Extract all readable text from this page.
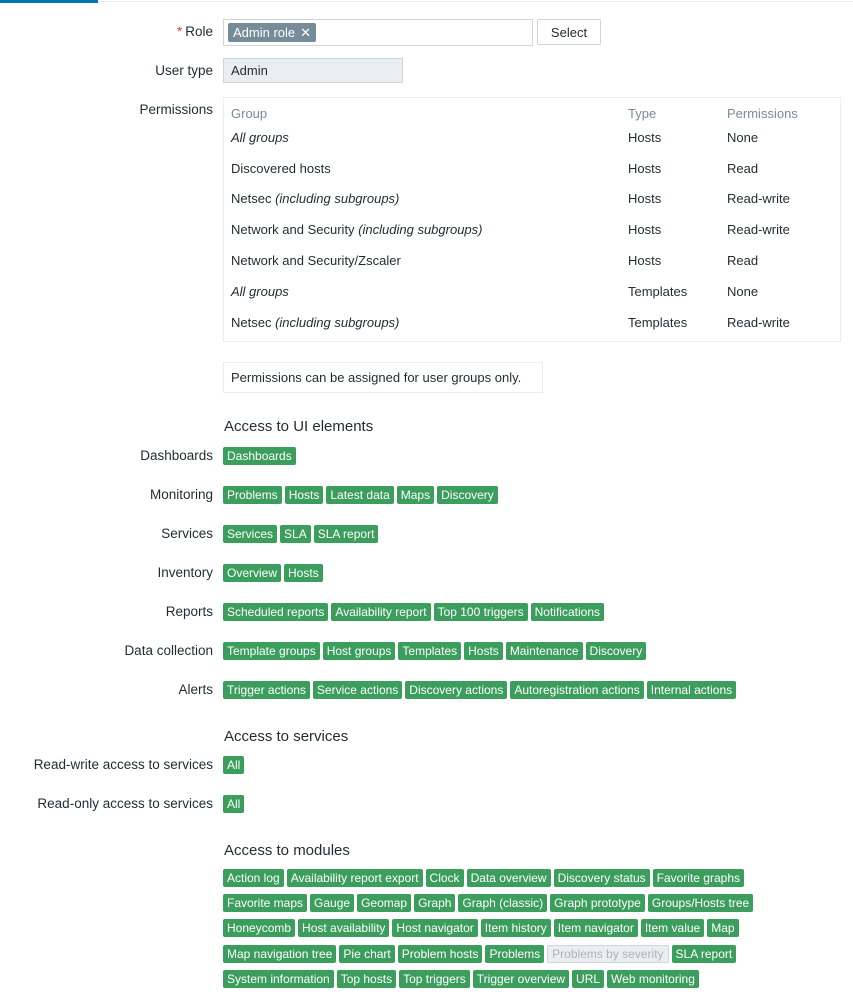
* Role Admin role ✕	Select
User type	Admin
Permissions Group	Type	Permissions
All groups	Hosts	None
Discovered hosts	Hosts	Read
Netsec (including subgroups)	Hosts	Read-write
Network and Security (including subgroups)	Hosts	Read-write
Network and Security/Zscaler	Hosts	Read
All groups	Templates	None
Netsec (including subgroups)	Templates	Read-write
Permissions can be assigned for user groups only.
Access to UI elements
Dashboards	Dashboards
Monitoring	Problems Hosts Latest data Maps Discovery
Services	Services SLA SLA report
Inventory	Overview Hosts
Reports	Scheduled reports Availability report Top 100 triggers Notifications
Data collection	Template groups Host groups Templates Hosts Maintenance Discovery
Alerts	Trigger actions Service actions Discovery actions Autoregistration actions Internal actions
Access to services
Read-write access to services	All
Read-only access to services	All
Access to modules
Action log Availability report export Clock Data overview Discovery status Favorite graphs
Favorite maps Gauge Geomap Graph Graph (classic) Graph prototype Groups/Hosts tree
Honeycomb Host availability Host navigator Item history Item navigator Item value Map
Map navigation tree Pie chart Problem hosts Problems	Problems by severity	SLA report
System information Top hosts Top triggers Trigger overview URL Web monitoring
